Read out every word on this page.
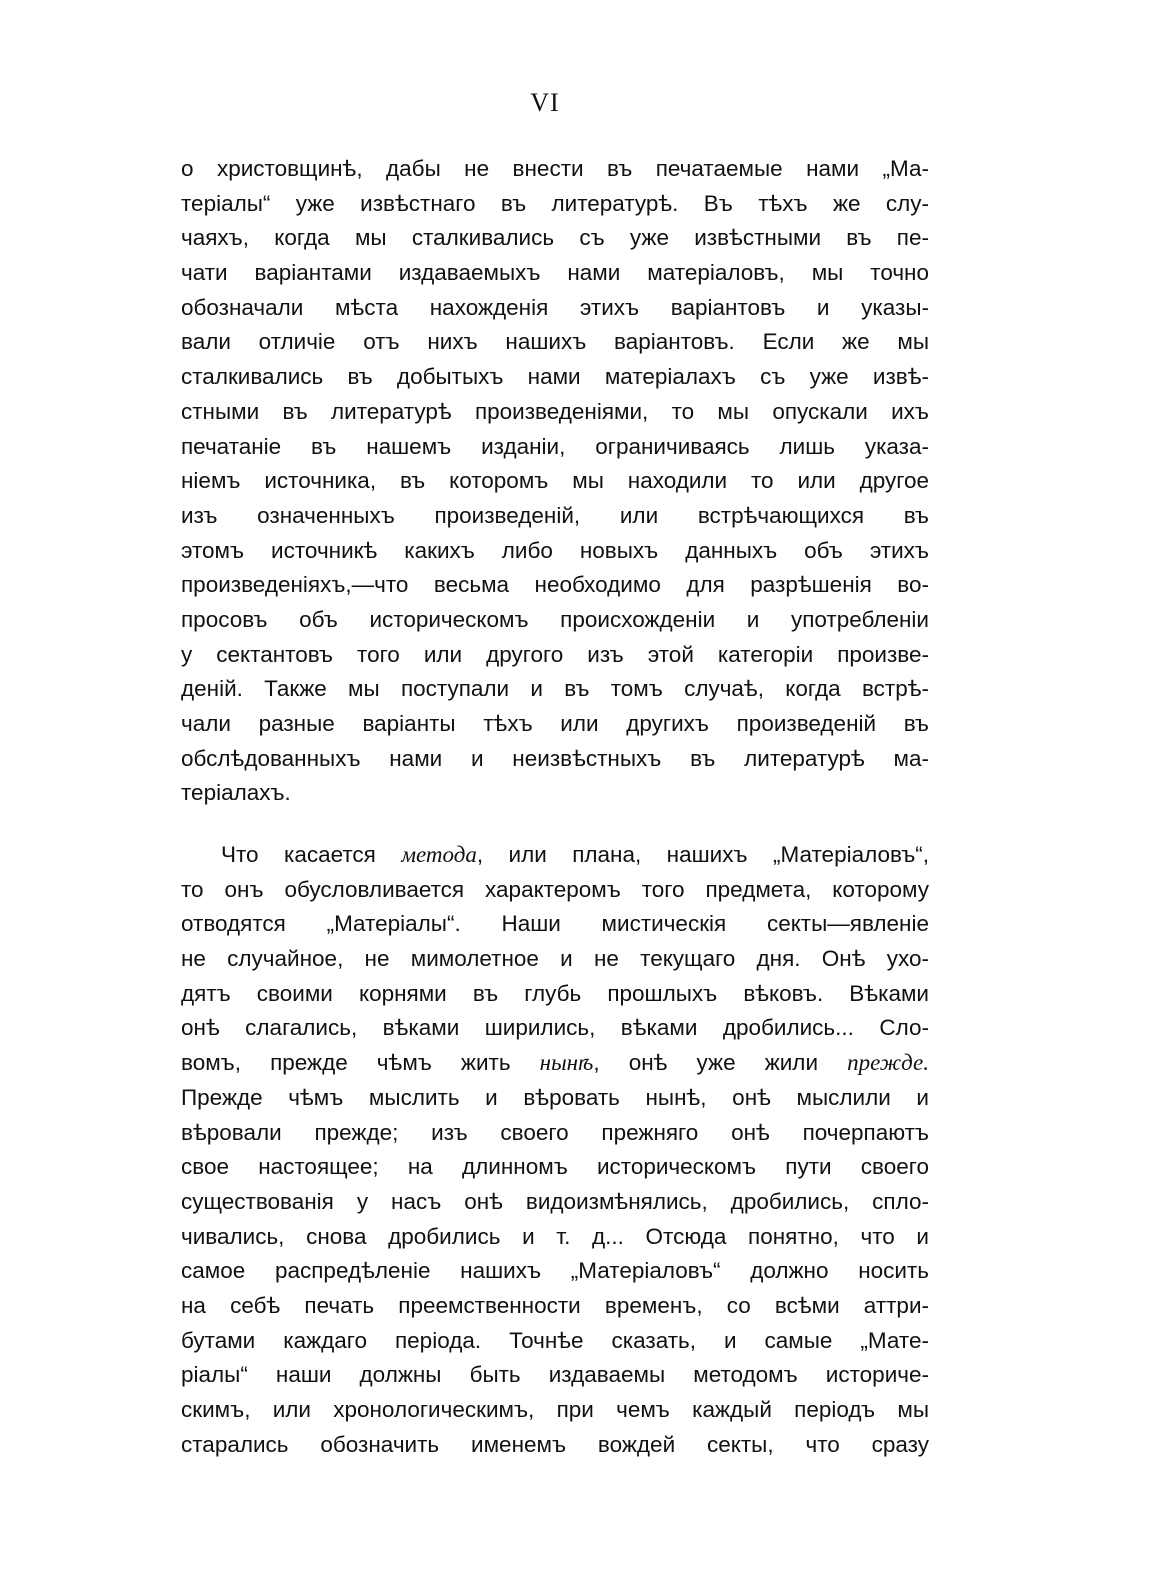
VI
о христовщинѣ, дабы не внести въ печатаемые нами „Ма-
теріалы“ уже извѣстнаго въ литературѣ. Въ тѣхъ же слу-
чаяхъ, когда мы сталкивались съ уже извѣстными въ пе-
чати варіантами издаваемыхъ нами матеріаловъ, мы точно
обозначали мѣста нахожденія этихъ варіантовъ и указы-
вали отличіе отъ нихъ нашихъ варіантовъ. Если же мы
сталкивались въ добытыхъ нами матеріалахъ съ уже извѣ-
стными въ литературѣ произведеніями, то мы опускали ихъ
печатаніе въ нашемъ изданіи, ограничиваясь лишь указа-
ніемъ источника, въ которомъ мы находили то или другое
изъ означенныхъ произведеній, или встрѣчающихся въ
этомъ источникѣ какихъ либо новыхъ данныхъ объ этихъ
произведеніяхъ,—что весьма необходимо для разрѣшенія во-
просовъ объ историческомъ происхожденіи и употребленіи
у сектантовъ того или другого изъ этой категоріи произве-
деній. Также мы поступали и въ томъ случаѣ, когда встрѣ-
чали разные варіанты тѣхъ или другихъ произведеній въ
обслѣдованныхъ нами и неизвѣстныхъ въ литературѣ ма-
теріалахъ.
Что касается метода, или плана, нашихъ „Матеріаловъ“,
то онъ обусловливается характеромъ того предмета, которому
отводятся „Матеріалы“. Наши мистическія секты—явленіе
не случайное, не мимолетное и не текущаго дня. Онѣ ухо-
дятъ своими корнями въ глубь прошлыхъ вѣковъ. Вѣками
онѣ слагались, вѣками ширились, вѣками дробились... Сло-
вомъ, прежде чѣмъ жить нынѣ, онѣ уже жили прежде.
Прежде чѣмъ мыслить и вѣровать нынѣ, онѣ мыслили и
вѣровали прежде; изъ своего прежняго онѣ почерпаютъ
свое настоящее; на длинномъ историческомъ пути своего
существованія у насъ онѣ видоизмѣнялись, дробились, спло-
чивались, снова дробились и т. д... Отсюда понятно, что и
самое распредѣленіе нашихъ „Матеріаловъ“ должно носить
на себѣ печать преемственности временъ, со всѣми аттри-
бутами каждаго періода. Точнѣе сказать, и самые „Мате-
ріалы“ наши должны быть издаваемы методомъ историче-
скимъ, или хронологическимъ, при чемъ каждый періодъ мы
старались обозначить именемъ вождей секты, что сразу
